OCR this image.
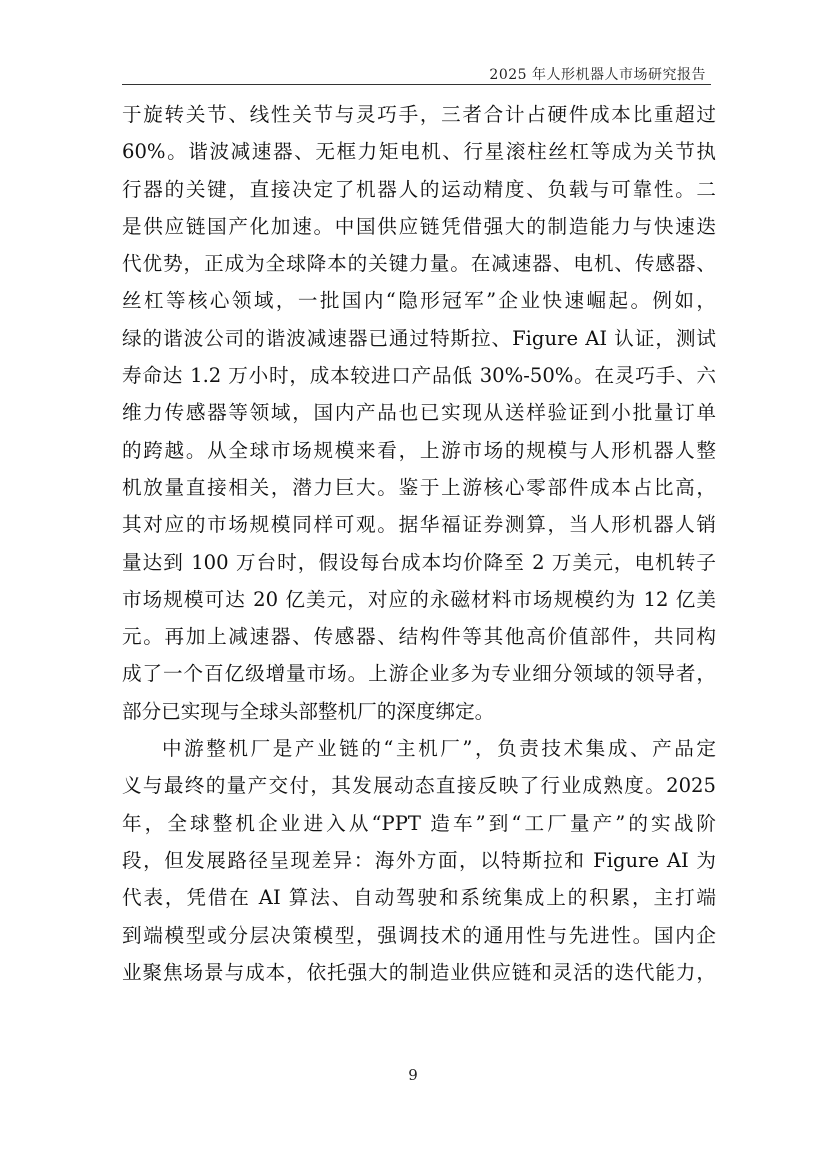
2025 年人形机器人市场研究报告
于旋转关节、线性关节与灵巧手，三者合计占硬件成本比重超过
60%。谐波减速器、无框力矩电机、行星滚柱丝杠等成为关节执
行器的关键，直接决定了机器人的运动精度、负载与可靠性。二
是供应链国产化加速。中国供应链凭借强大的制造能力与快速迭
代优势，正成为全球降本的关键力量。在减速器、电机、传感器、
丝杠等核心领域，一批国内“隐形冠军”企业快速崛起。例如，
绿的谐波公司的谐波减速器已通过特斯拉、Figure AI 认证，测试
寿命达 1.2 万小时，成本较进口产品低 30%-50%。在灵巧手、六
维力传感器等领域，国内产品也已实现从送样验证到小批量订单
的跨越。从全球市场规模来看，上游市场的规模与人形机器人整
机放量直接相关，潜力巨大。鉴于上游核心零部件成本占比高，
其对应的市场规模同样可观。据华福证券测算，当人形机器人销
量达到 100 万台时，假设每台成本均价降至 2 万美元，电机转子
市场规模可达 20 亿美元，对应的永磁材料市场规模约为 12 亿美
元。再加上减速器、传感器、结构件等其他高价值部件，共同构
成了一个百亿级增量市场。上游企业多为专业细分领域的领导者，
部分已实现与全球头部整机厂的深度绑定。
中游整机厂是产业链的“主机厂”，负责技术集成、产品定
义与最终的量产交付，其发展动态直接反映了行业成熟度。2025
年，全球整机企业进入从“PPT 造车”到“工厂量产”的实战阶
段，但发展路径呈现差异：海外方面，以特斯拉和 Figure AI 为
代表，凭借在 AI 算法、自动驾驶和系统集成上的积累，主打端
到端模型或分层决策模型，强调技术的通用性与先进性。国内企
业聚焦场景与成本，依托强大的制造业供应链和灵活的迭代能力，
9
